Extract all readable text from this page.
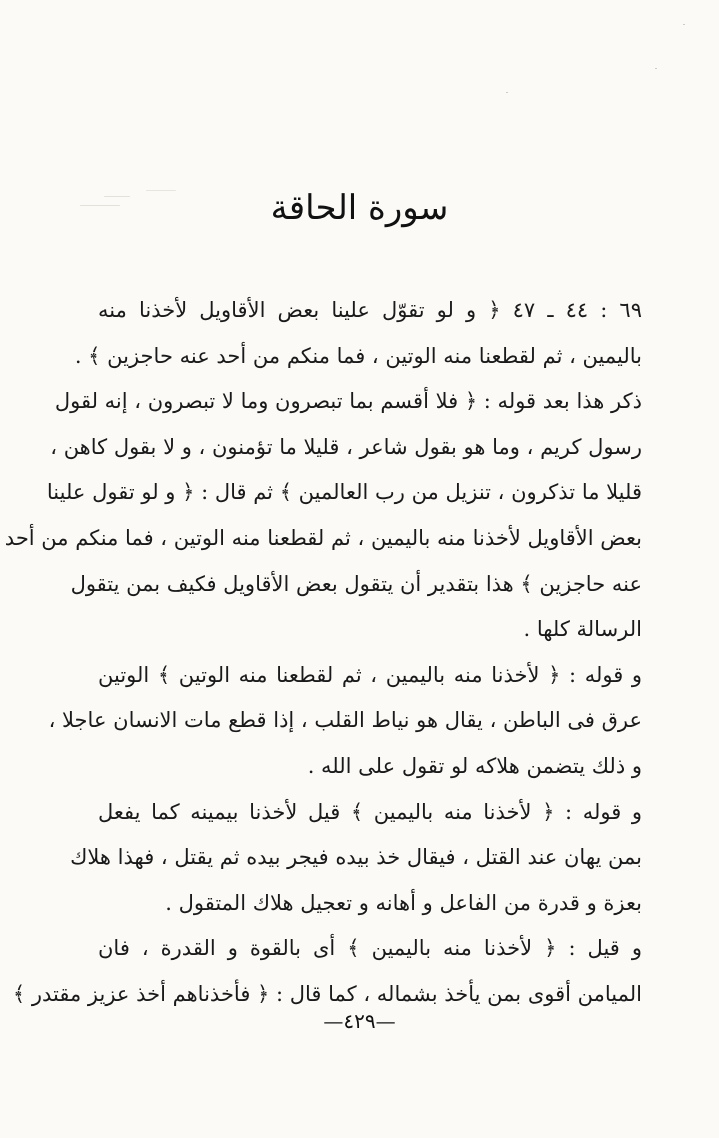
سورة الحاقة
٦٩ : ٤٤ ـ ٤٧ ﴿ و لو تقوّل علينا بعض الأقاويل لأخذنا منه
باليمين ، ثم لقطعنا منه الوتين ، فما منكم من أحد عنه حاجزين ﴾ .
ذكر هذا بعد قوله : ﴿ فلا أقسم بما تبصرون وما لا تبصرون ، إنه لقول
رسول كريم ، وما هو بقول شاعر ، قليلا ما تؤمنون ، و لا بقول كاهن ،
قليلا ما تذكرون ، تنزيل من رب العالمين ﴾ ثم قال : ﴿ و لو تقول علينا
بعض الأقاويل لأخذنا منه باليمين ، ثم لقطعنا منه الوتين ، فما منكم من أحد
عنه حاجزين ﴾ هذا بتقدير أن يتقول بعض الأقاويل فكيف بمن يتقول
الرسالة كلها .
و قوله : ﴿ لأخذنا منه باليمين ، ثم لقطعنا منه الوتين ﴾ الوتين
عرق فى الباطن ، يقال هو نياط القلب ، إذا قطع مات الانسان عاجلا ،
و ذلك يتضمن هلاكه لو تقول على الله .
و قوله : ﴿ لأخذنا منه باليمين ﴾ قيل لأخذنا بيمينه كما يفعل
بمن يهان عند القتل ، فيقال خذ بيده فيجر بيده ثم يقتل ، فهذا هلاك
بعزة و قدرة من الفاعل و أهانه و تعجيل هلاك المتقول .
و قيل : ﴿ لأخذنا منه باليمين ﴾ أى بالقوة و القدرة ، فان
الميامن أقوى بمن يأخذ بشماله ، كما قال : ﴿ فأخذناهم أخذ عزيز مقتدر ﴾
—٤٢٩—
